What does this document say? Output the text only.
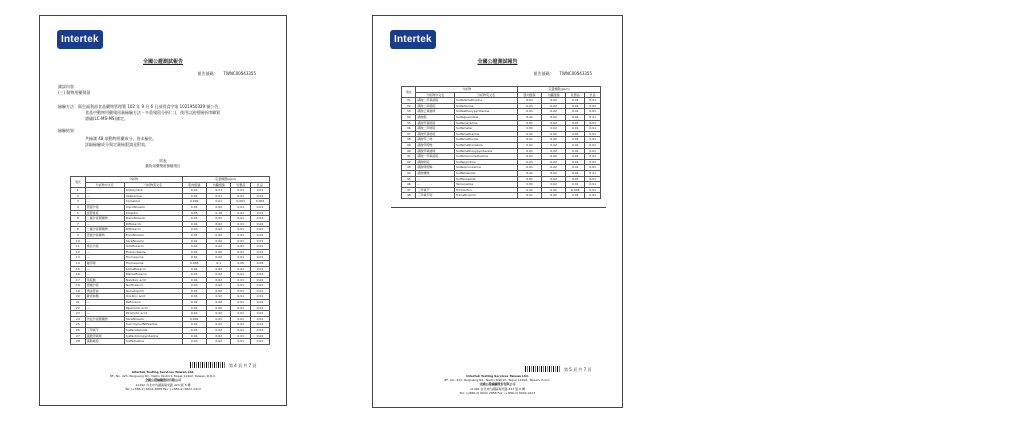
Intertek
全國公證測試報告
報告號碼： TWNC00543355
測試內容：
(三) 動物用藥殘留
檢驗方法：衛生福利部食品藥物管理署 102 年 9 月 6 日部授食字第 1021950329 號公告，
食品中動物用藥殘留量檢驗方法－多重殘留分析(二)，使用以液相層析串聯質
譜儀(LC-MS-MS)測定。
檢驗結果：
共檢測 48 項動物用藥成分，皆未檢出。
詳細檢驗成分與定量極限請見附表。
附表
動物用藥殘留檢驗項目
項次	分析物		定量極限(ppm)			
	分析物中文名	分析物英文名	肌肉組織	內臟組織	乳製品	乳品
1	—	Aldoxycarb	0.01	0.01	0.01	0.01
2	—	Azaperone	0.01	0.01	0.01	0.01
3	—	Carazolol	0.002	0.01	0.001	0.002
4	恩諾沙星	Ciprofloxacin	0.01	0.02	0.01	0.01
5	氯羥吡啶	Clopidol	0.05	0.10	0.01	0.01
6	二氟沙星類藥物	Danofloxacin	0.01	0.01	0.01	0.01
7	—	Difloxacin	0.01	0.02	0.01	0.01
8	二氟沙星類藥物	Difloxacin	0.01	0.02	0.01	0.01
9	恩諾沙星藥物	Enrofloxacin	0.01	0.02	0.01	0.01
10	—	Sarafloxacin	0.01	0.02	0.01	0.01
11	奧比沙星	Orbifloxacin	0.01	0.02	0.01	0.01
12	—	Flubendazole	0.01	0.02	0.01	0.01
13	—	Flumequine	0.01	0.02	0.01	0.01
14	氟甲喹	Flumequine	0.005	0.1	0.05	0.05
15	—	Lomefloxacin	0.01	0.02	0.01	0.01
16	—	Marbofloxacin	0.01	0.02	0.01	0.01
17	萘啶酸	Nalidixic acid	0.01	0.02	0.01	0.01
18	諾氟沙星	Norfloxacin	0.01	0.02	0.01	0.01
19	奧美普林	Ormetoprim	0.01	0.02	0.01	0.01
20	歐索林酸	Oxolinic acid	0.01	0.02	0.01	0.01
21	—	Pefloxacin	0.01	0.02	0.01	0.01
22	—	Pipemidic acid	0.01	0.02	0.01	0.01
23	—	Piromidic acid	0.01	0.02	0.01	0.01
24	沙拉沙星類藥物	Sarafloxacin	0.002	0.01	0.01	0.01
25	—	Succinylsulfathiazole	0.01	0.02	0.01	0.01
26	三甲氧苄	Sulfacetamide	0.01	0.02	0.01	0.01
27	磺胺甲氧嗪	Sulfachloropyridazine	0.01	0.02	0.01	0.01
28	磺胺嘧啶	Sulfadiazine	0.01	0.02	0.01	0.01
第 4 頁 共 7 頁
Intertek Testing Services Taiwan Ltd.
8F., No. 423, Ruiguang Rd., Neihu District, Taipei 11492, Taiwan, R.O.C.
全國公證檢驗股份有限公司
11492 台北市內湖區瑞光路 423 號 8 樓
Tel: (+886-2) 6602-2888 Fax: (+886-2) 6602-2413
Intertek
全國公證測試報告
報告號碼： TWNC00543355
項次	分析物		定量極限(ppm)			
	分析物中文名	分析物英文名	肌肉組織	內臟組織	乳製品	乳品
31	磺胺二甲氧嘧啶	Sulfadimethoxine	0.01	0.02	0.01	0.01
32	磺胺二甲嘧啶	Sulfadoxine	0.01	0.02	0.01	0.01
33	磺胺乙氧噠嗪	Sulfaethoxypyridazine	0.01	0.02	0.01	0.01
34	磺胺胍	Sulfaguanidine	0.01	0.02	0.01	0.01
35	磺胺甲基嘧啶	Sulfamerazine	0.01	0.02	0.01	0.01
36	磺胺二甲嘧啶	Sulfameter	0.01	0.02	0.01	0.01
37	磺胺甲基嘧啶	Sulfamethazine	0.01	0.02	0.01	0.01
38	磺胺甲二唑	Sulfamethizole	0.01	0.02	0.01	0.01
39	磺胺甲噁唑	Sulfamethoxazole	0.01	0.02	0.01	0.01
40	磺胺甲氧噠嗪	Sulfamethoxypyridazine	0.01	0.02	0.01	0.01
41	磺胺一甲氧嘧啶	Sulfamonomethoxine	0.01	0.02	0.01	0.01
42	磺胺吡啶	Sulfapyridine	0.01	0.02	0.01	0.01
43	磺胺喹噁啉	Sulfaquinoxaline	0.01	0.02	0.01	0.01
44	磺胺噻唑	Sulfathiazole	0.01	0.02	0.01	0.01
45	—	Sulfisoxazole	0.01	0.02	0.01	0.01
46	—	Temerazole	0.01	0.02	0.01	0.01
47	三甲氧苄	Trichlorfon	0.01	0.01	0.005	0.01
48	三甲氧苄啶	Trimethoprim	0.01	0.02	0.01	0.01
第 5 頁 共 7 頁
Intertek Testing Services Taiwan Ltd.
8F., No. 423, Ruiguang Rd., Neihu District, Taipei 11492, Taiwan, R.O.C.
全國公證檢驗股份有限公司
11492 台北市內湖區瑞光路 423 號 8 樓
Tel: (+886-2) 6602-2888 Fax: (+886-2) 6602-2413
